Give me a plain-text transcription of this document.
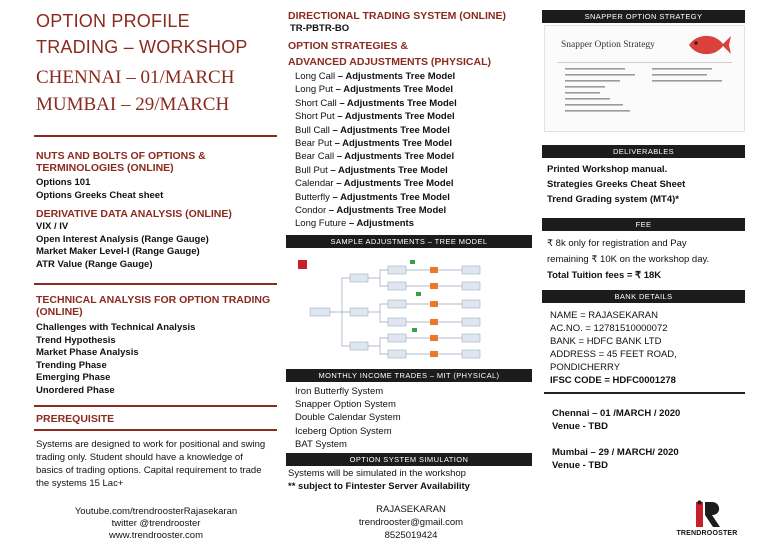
OPTION PROFILE
TRADING – WORKSHOP
CHENNAI – 01/MARCH
MUMBAI – 29/MARCH
NUTS AND BOLTS OF OPTIONS & TERMINOLOGIES (ONLINE)
Options 101
Options Greeks Cheat sheet
DERIVATIVE DATA ANALYSIS (ONLINE)
VIX / IV
Open Interest Analysis (Range Gauge)
Market Maker Level-I (Range Gauge)
ATR Value (Range Gauge)
TECHNICAL ANALYSIS FOR OPTION TRADING (ONLINE)
Challenges with Technical Analysis
Trend Hypothesis
Market Phase Analysis
Trending Phase
Emerging Phase
Unordered Phase
PREREQUISITE
Systems are designed to work for positional and swing trading only. Student should have a knowledge of basics of trading options. Capital requirement to trade the systems 15 Lac+
Youtube.com/trendroosterRajasekaran
twitter @trendrooster
www.trendrooster.com
DIRECTIONAL TRADING SYSTEM (ONLINE)
TR-PBTR-BO
OPTION STRATEGIES &
ADVANCED ADJUSTMENTS (PHYSICAL)
Long Call – Adjustments Tree Model
Long Put – Adjustments Tree Model
Short Call – Adjustments Tree Model
Short Put – Adjustments Tree Model
Bull Call – Adjustments Tree Model
Bear Put – Adjustments Tree Model
Bear Call – Adjustments Tree Model
Bull Put – Adjustments Tree Model
Calendar – Adjustments Tree Model
Butterfly – Adjustments Tree Model
Condor – Adjustments Tree Model
Long Future – Adjustments
SAMPLE ADJUSTMENTS – TREE MODEL
MONTHLY INCOME TRADES – MIT (PHYSICAL)
Iron Butterfly System
Snapper Option System
Double Calendar System
Iceberg Option System
BAT System
OPTION SYSTEM SIMULATION
Systems will be simulated in the workshop
** subject to Fintester Server Availability
RAJASEKARAN
trendrooster@gmail.com
8525019424
SNAPPER OPTION STRATEGY
Snapper Option Strategy
DELIVERABLES
Printed Workshop manual.
Strategies Greeks Cheat Sheet
Trend Grading system (MT4)*
FEE
₹ 8k only for registration and Pay
remaining ₹ 10K on the workshop day.
Total Tuition fees = ₹ 18K
BANK DETAILS
NAME = RAJASEKARAN
AC.NO. = 12781510000072
BANK = HDFC BANK LTD
ADDRESS = 45 FEET ROAD,
PONDICHERRY
IFSC CODE = HDFC0001278
Chennai – 01 /MARCH / 2020
Venue - TBD
Mumbai – 29 / MARCH/ 2020
Venue - TBD
TRENDROOSTER
